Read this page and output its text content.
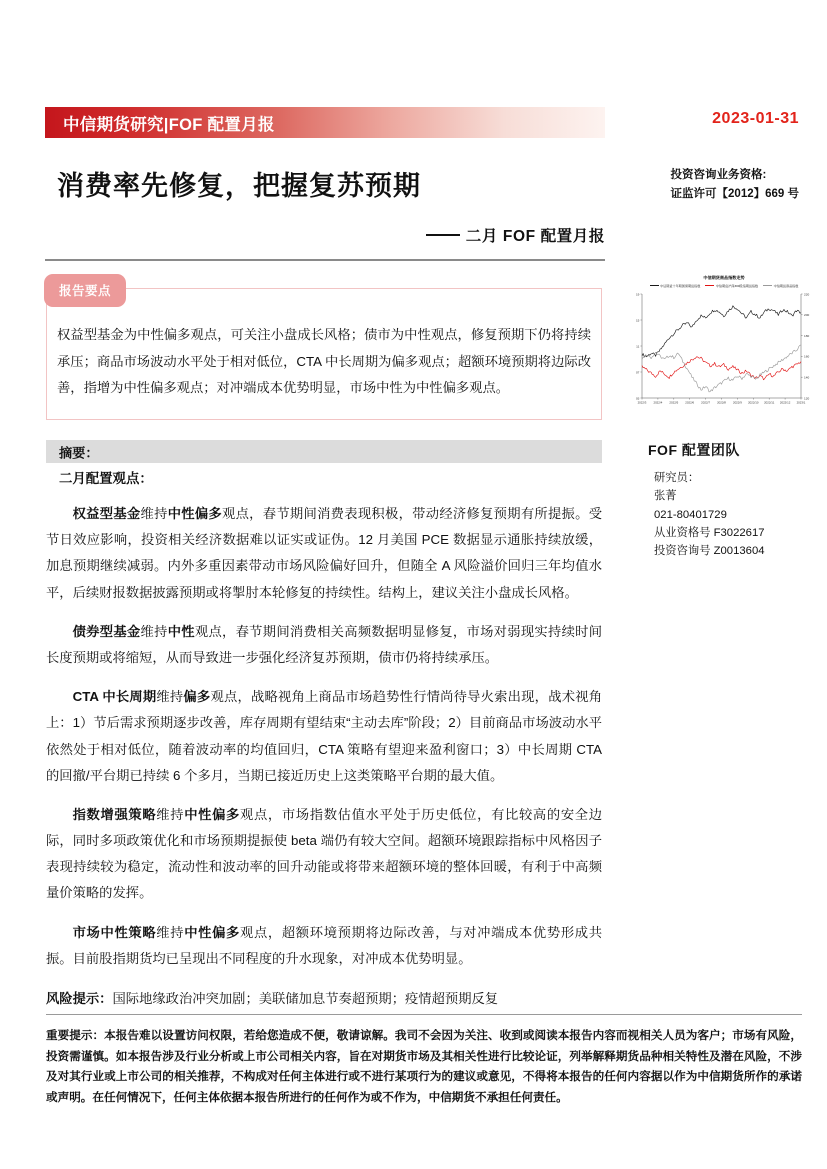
中信期货研究|FOF 配置月报	2023-01-31
消费率先修复，把握复苏预期	投资咨询业务资格:
证监许可【2012】669 号
二月 FOF 配置月报
报告要点
权益型基金为中性偏多观点，可关注小盘成长风格；债市为中性观点，修复预期下仍将持续承压；商品市场波动水平处于相对低位，CTA 中长周期为偏多观点；超额环境预期将边际改善，指增为中性偏多观点；对冲端成本优势明显，市场中性为中性偏多观点。
摘要：
二月配置观点：
权益型基金维持中性偏多观点，春节期间消费表现积极，带动经济修复预期有所提振。受节日效应影响，投资相关经济数据难以证实或证伪。12 月美国 PCE 数据显示通胀持续放缓，加息预期继续减弱。内外多重因素带动市场风险偏好回升，但随全 A 风险溢价回归三年均值水平，后续财报数据披露预期或将掣肘本轮修复的持续性。结构上，建议关注小盘成长风格。
债券型基金维持中性观点，春节期间消费相关高频数据明显修复，市场对弱现实持续时间长度预期或将缩短，从而导致进一步强化经济复苏预期，债市仍将持续承压。
CTA 中长周期维持偏多观点，战略视角上商品市场趋势性行情尚待导火索出现，战术视角上：1）节后需求预期逐步改善，库存周期有望结束“主动去库”阶段；2）目前商品市场波动水平依然处于相对低位，随着波动率的均值回归，CTA 策略有望迎来盈利窗口；3）中长周期 CTA 的回撤/平台期已持续 6 个多月，当期已接近历史上这类策略平台期的最大值。
指数增强策略维持中性偏多观点，市场指数估值水平处于历史低位，有比较高的安全边际，同时多项政策优化和市场预期提振使 beta 端仍有较大空间。超额环境跟踪指标中风格因子表现持续较为稳定，流动性和波动率的回升动能或将带来超额环境的整体回暖，有利于中高频量价策略的发挥。
市场中性策略维持中性偏多观点，超额环境预期将边际改善，与对冲端成本优势形成共振。目前股指期货均已呈现出不同程度的升水现象，对冲成本优势明显。
风险提示：国际地缘政治冲突加剧；美联储加息节奏超预期；疫情超预期反复
中信期货商品指数走势
中证期货十年期国债期货指数	中信期货沪深300股指期货指数	中信期货商品指数
220
200
180
160
140
120
19
15
11
07
03
2022/3 2022/4 2022/5 2022/6 2022/7 2022/8 2022/9 2022/10 2022/11 2022/12 2023/1
FOF 配置团队
研究员：
张菁
021-80401729
从业资格号 F3022617
投资咨询号 Z0013604
重要提示：本报告难以设置访问权限，若给您造成不便，敬请谅解。我司不会因为关注、收到或阅读本报告内容而视相关人员为客户；市场有风险，投资需谨慎。如本报告涉及行业分析或上市公司相关内容，旨在对期货市场及其相关性进行比较论证，列举解释期货品种相关特性及潜在风险，不涉及对其行业或上市公司的相关推荐，不构成对任何主体进行或不进行某项行为的建议或意见，不得将本报告的任何内容据以作为中信期货所作的承诺或声明。在任何情况下，任何主体依据本报告所进行的任何作为或不作为，中信期货不承担任何责任。
